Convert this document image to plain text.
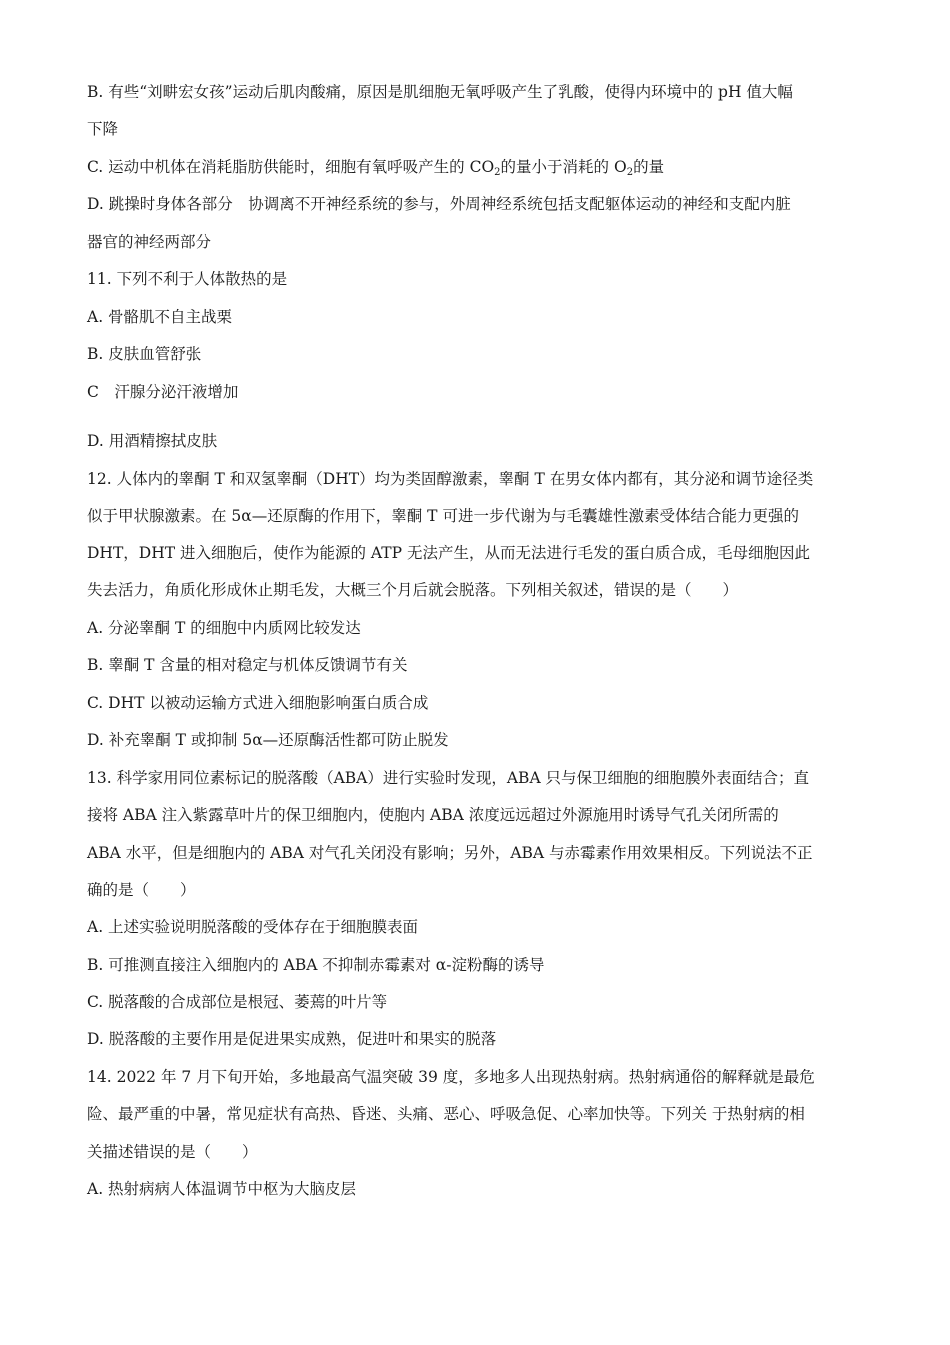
B. 有些“刘畊宏女孩”运动后肌肉酸痛，原因是肌细胞无氧呼吸产生了乳酸，使得内环境中的 pH 值大幅
下降
C. 运动中机体在消耗脂肪供能时，细胞有氧呼吸产生的 $CO_2$的量小于消耗的 $O_2$的量
D. 跳操时身体各部分　协调离不开神经系统的参与，外周神经系统包括支配躯体运动的神经和支配内脏
器官的神经两部分
11. 下列不利于人体散热的是
A. 骨骼肌不自主战栗
B. 皮肤血管舒张
C　汗腺分泌汗液增加
D. 用酒精擦拭皮肤
12. 人体内的睾酮 T 和双氢睾酮（DHT）均为类固醇激素，睾酮 T 在男女体内都有，其分泌和调节途径类
似于甲状腺激素。在 5α—还原酶的作用下，睾酮 T 可进一步代谢为与毛囊雄性激素受体结合能力更强的
DHT，DHT 进入细胞后，使作为能源的 ATP 无法产生，从而无法进行毛发的蛋白质合成，毛母细胞因此
失去活力，角质化形成休止期毛发，大概三个月后就会脱落。下列相关叙述，错误的是（　　）
A. 分泌睾酮 T 的细胞中内质网比较发达
B. 睾酮 T 含量的相对稳定与机体反馈调节有关
C. DHT 以被动运输方式进入细胞影响蛋白质合成
D. 补充睾酮 T 或抑制 5α—还原酶活性都可防止脱发
13. 科学家用同位素标记的脱落酸（ABA）进行实验时发现，ABA 只与保卫细胞的细胞膜外表面结合；直
接将 ABA 注入紫露草叶片的保卫细胞内，使胞内 ABA 浓度远远超过外源施用时诱导气孔关闭所需的
ABA 水平，但是细胞内的 ABA 对气孔关闭没有影响；另外，ABA 与赤霉素作用效果相反。下列说法不正
确的是（　　）
A. 上述实验说明脱落酸的受体存在于细胞膜表面
B. 可推测直接注入细胞内的 ABA 不抑制赤霉素对 α-淀粉酶的诱导
C. 脱落酸的合成部位是根冠、萎蔫的叶片等
D. 脱落酸的主要作用是促进果实成熟，促进叶和果实的脱落
14. 2022 年 7 月下旬开始，多地最高气温突破 39 度，多地多人出现热射病。热射病通俗的解释就是最危
险、最严重的中暑，常见症状有高热、昏迷、头痛、恶心、呼吸急促、心率加快等。下列关 于热射病的相
关描述错误的是（　　）
A. 热射病病人体温调节中枢为大脑皮层
